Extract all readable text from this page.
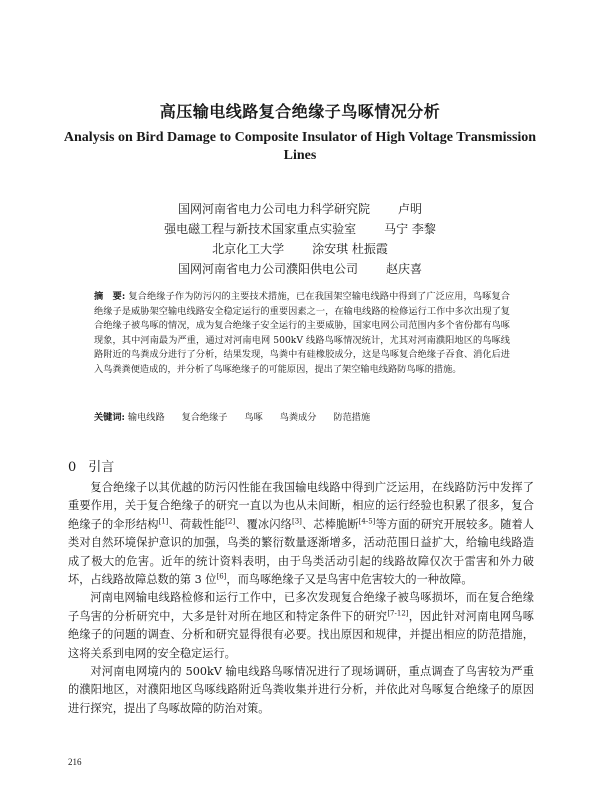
高压输电线路复合绝缘子鸟啄情况分析
Analysis on Bird Damage to Composite Insulator of High Voltage Transmission Lines
国网河南省电力公司电力科学研究院 卢明
强电磁工程与新技术国家重点实验室 马宁 李黎
北京化工大学 涂安琪 杜振霞
国网河南省电力公司濮阳供电公司 赵庆喜
摘　要: 复合绝缘子作为防污闪的主要技术措施，已在我国架空输电线路中得到了广泛应用，鸟啄复合绝缘子是威胁架空输电线路安全稳定运行的重要因素之一，在输电线路的检修运行工作中多次出现了复合绝缘子被鸟啄的情况，成为复合绝缘子安全运行的主要威胁，国家电网公司范围内多个省份都有鸟啄现象，其中河南最为严重，通过对河南电网 500kV 线路鸟啄情况统计，尤其对河南濮阳地区的鸟啄线路附近的鸟粪成分进行了分析，结果发现，鸟粪中有硅橡胶成分，这是鸟啄复合绝缘子吞食、消化后进入鸟粪粪便造成的，并分析了鸟啄绝缘子的可能原因，提出了架空输电线路防鸟啄的措施。
关键词: 输电线路 复合绝缘子 鸟啄 鸟粪成分 防范措施
0 引言

复合绝缘子以其优越的防污闪性能在我国输电线路中得到广泛运用，在线路防污中发挥了重要作用，关于复合绝缘子的研究一直以为也从未间断，相应的运行经验也积累了很多，复合绝缘子的伞形结构[1]、荷载性能[2]、覆冰闪络[3]、芯棒脆断[4-5]等方面的研究开展较多。随着人类对自然环境保护意识的加强，鸟类的繁衍数量逐渐增多，活动范围日益扩大，给输电线路造成了极大的危害。近年的统计资料表明，由于鸟类活动引起的线路故障仅次于雷害和外力破坏，占线路故障总数的第 3 位[6]，而鸟啄绝缘子又是鸟害中危害较大的一种故障。

河南电网输电线路检修和运行工作中，已多次发现复合绝缘子被鸟啄损坏，而在复合绝缘子鸟害的分析研究中，大多是针对所在地区和特定条件下的研究[7-12]，因此针对河南电网鸟啄绝缘子的问题的调查、分析和研究显得很有必要。找出原因和规律，并提出相应的防范措施，这将关系到电网的安全稳定运行。

对河南电网境内的 500kV 输电线路鸟啄情况进行了现场调研，重点调查了鸟害较为严重的濮阳地区，对濮阳地区鸟啄线路附近鸟粪收集并进行分析，并依此对鸟啄复合绝缘子的原因进行探究，提出了鸟啄故障的防治对策。

216
